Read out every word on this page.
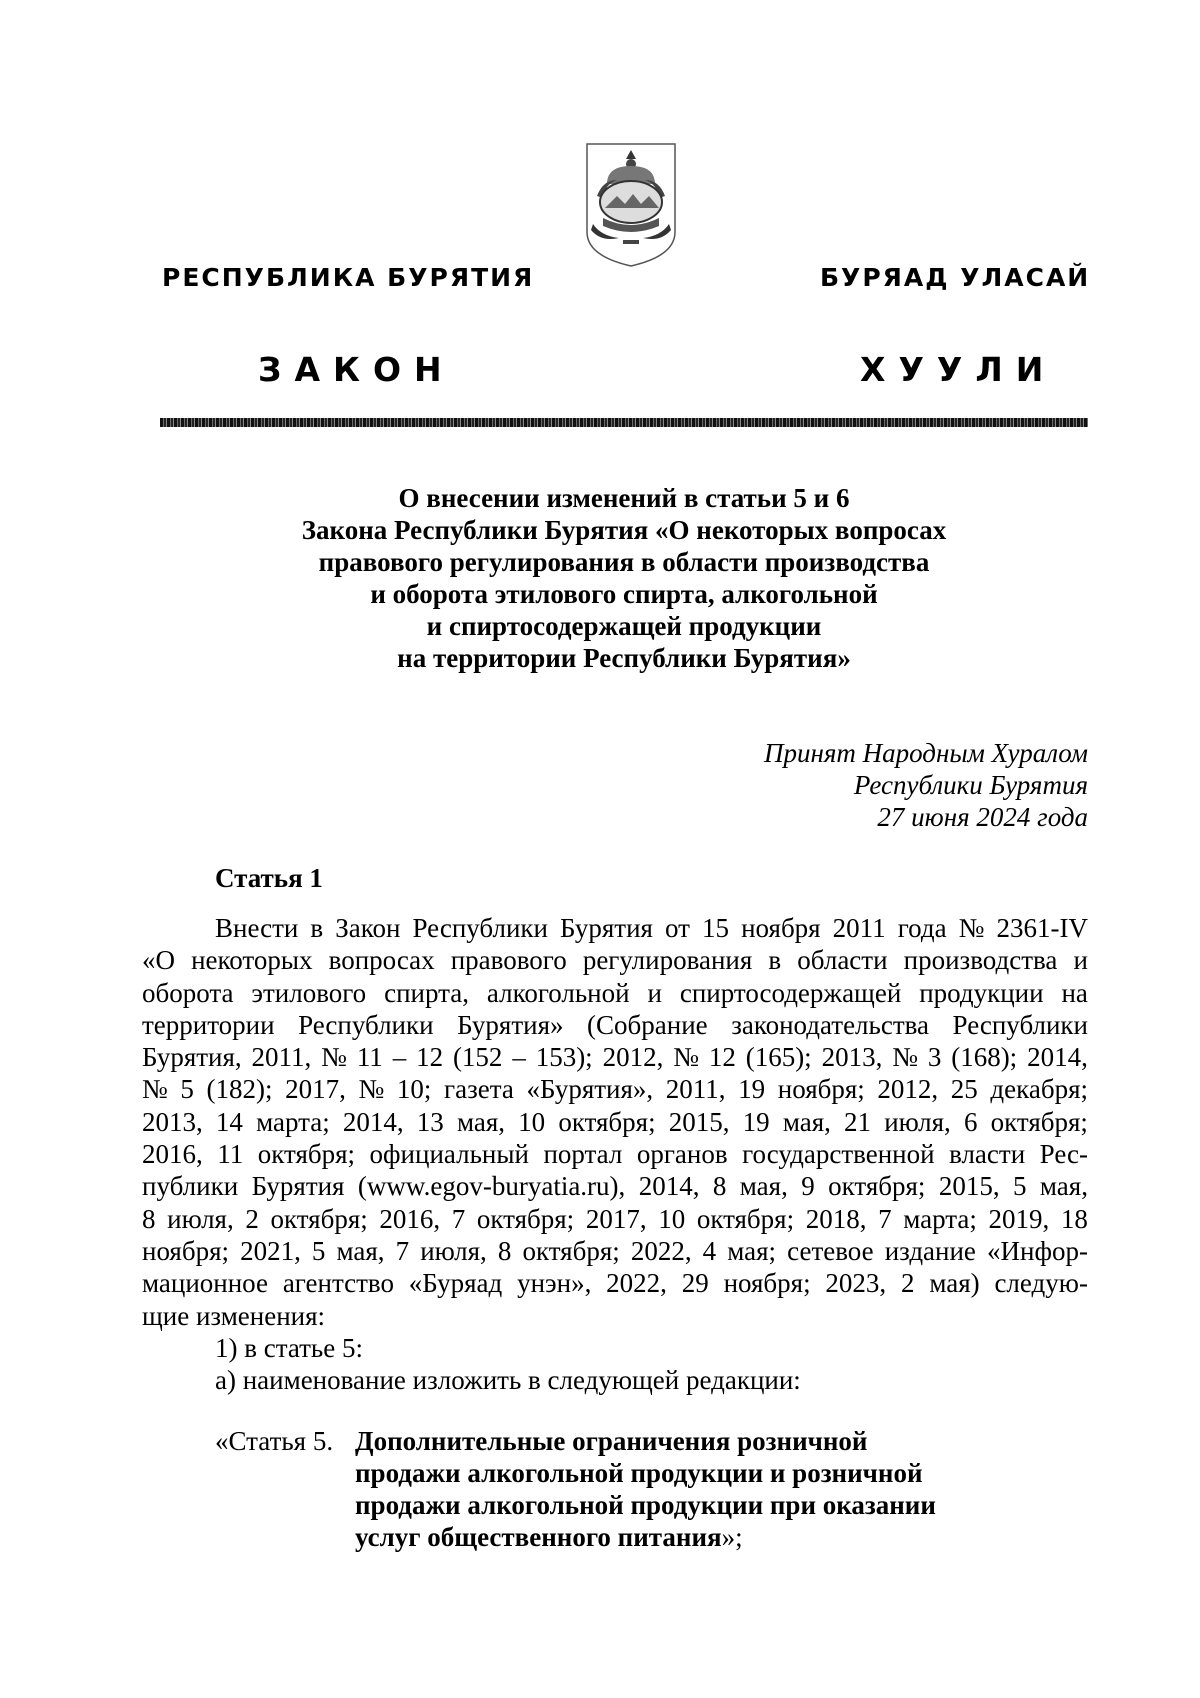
РЕСПУБЛИКА БУРЯТИЯ	БУРЯАД УЛАСАЙ
ЗАКОН	ХУУЛИ
О внесении изменений в статьи 5 и 6
Закона Республики Бурятия «О некоторых вопросах
правового регулирования в области производства
и оборота этилового спирта, алкогольной
и спиртосодержащей продукции
на территории Республики Бурятия»
Принят Народным Хуралом
Республики Бурятия
27 июня 2024 года
Статья 1
Внести в Закон Республики Бурятия от 15 ноября 2011 года № 2361-IV
«О некоторых вопросах правового регулирования в области производства и
оборота этилового спирта, алкогольной и спиртосодержащей продукции на
территории Республики Бурятия» (Собрание законодательства Республики
Бурятия, 2011, № 11 – 12 (152 – 153); 2012, № 12 (165); 2013, № 3 (168); 2014,
№ 5 (182); 2017, № 10; газета «Бурятия», 2011, 19 ноября; 2012, 25 декабря;
2013, 14 марта; 2014, 13 мая, 10 октября; 2015, 19 мая, 21 июля, 6 октября;
2016, 11 октября; официальный портал органов государственной власти Рес-
публики Бурятия (www.egov-buryatia.ru), 2014, 8 мая, 9 октября; 2015, 5 мая,
8 июля, 2 октября; 2016, 7 октября; 2017, 10 октября; 2018, 7 марта; 2019, 18
ноября; 2021, 5 мая, 7 июля, 8 октября; 2022, 4 мая; сетевое издание «Инфор-
мационное агентство «Буряад унэн», 2022, 29 ноября; 2023, 2 мая) следую-
щие изменения:
1) в статье 5:
а) наименование изложить в следующей редакции:
«Статья 5. Дополнительные ограничения розничной
продажи алкогольной продукции и розничной
продажи алкогольной продукции при оказании
услуг общественного питания »;
